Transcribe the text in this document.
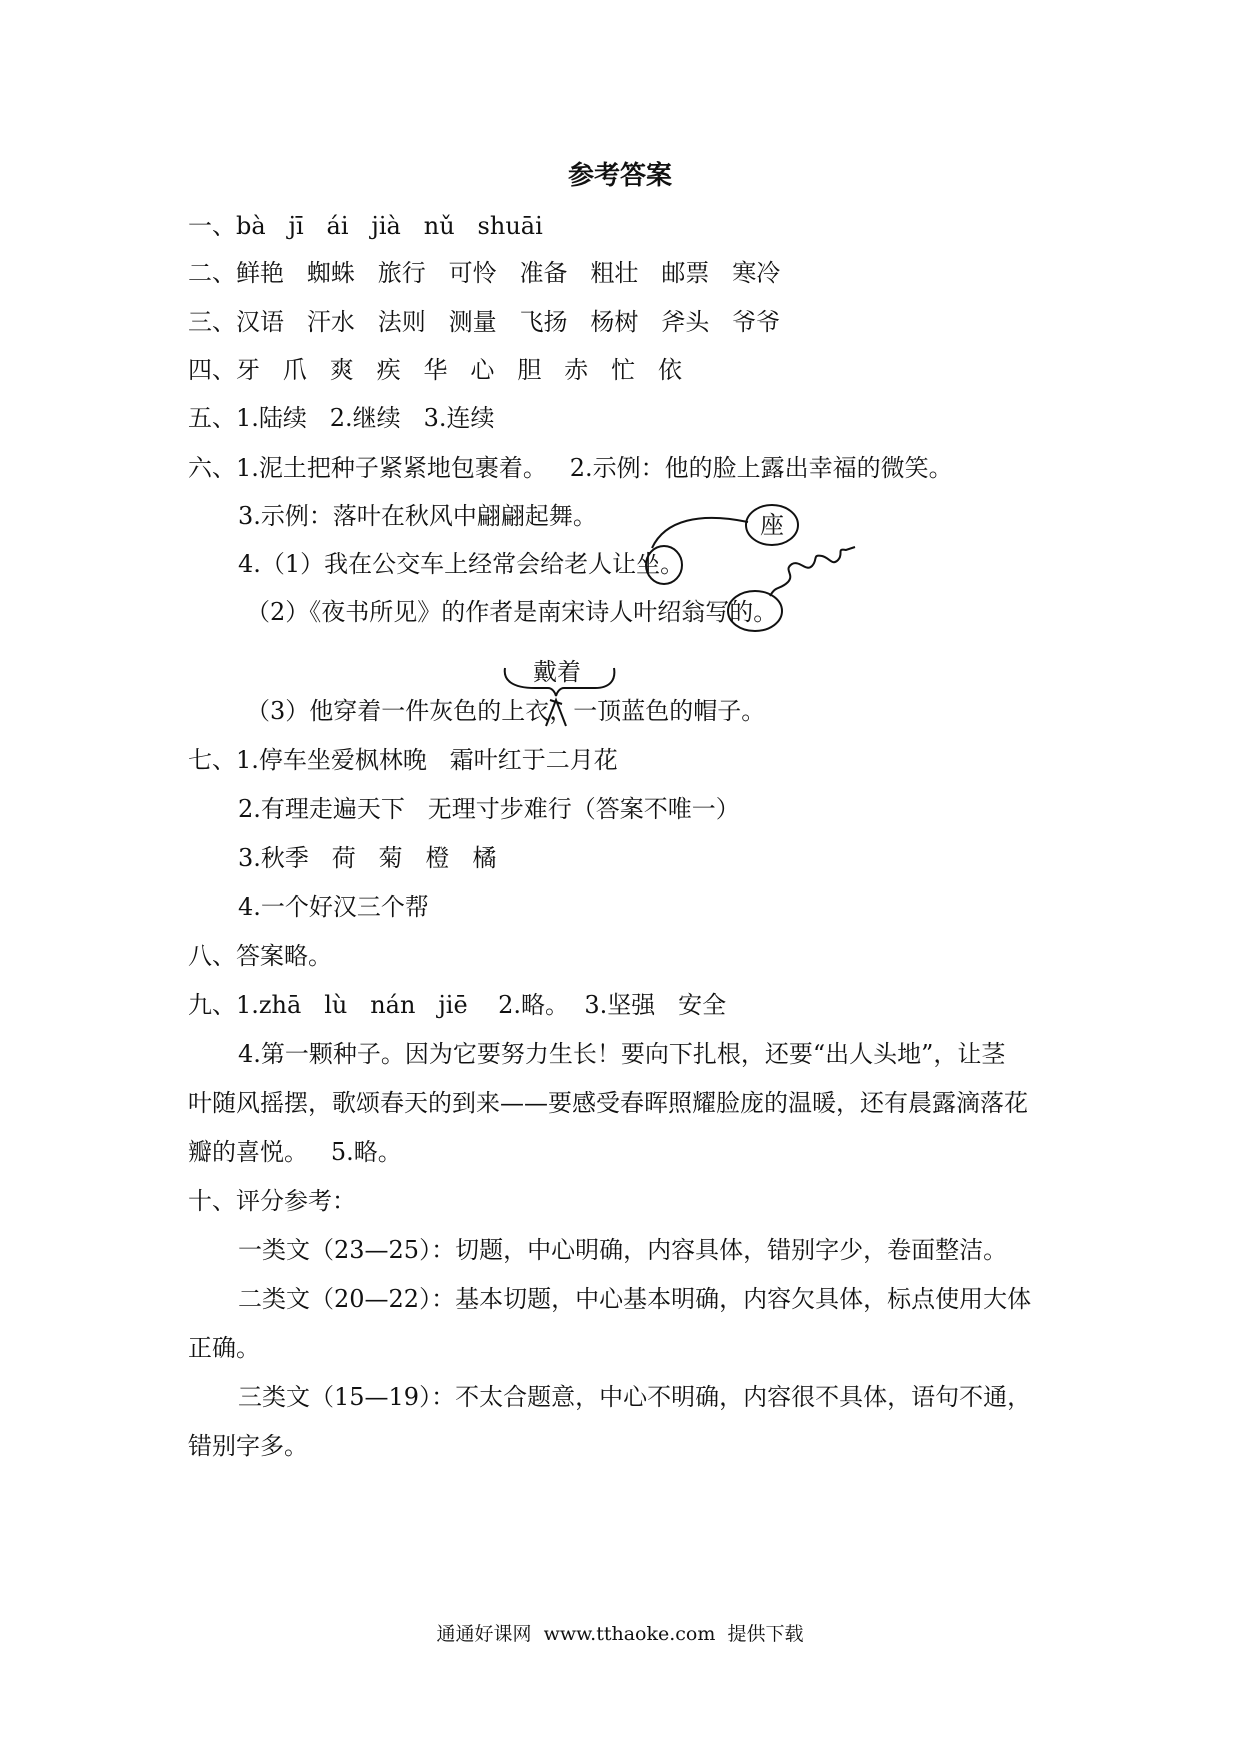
参考答案
一、bà   jī   ái   jià   nǔ   shuāi
二、鲜艳   蜘蛛   旅行   可怜   准备   粗壮   邮票   寒冷
三、汉语   汗水   法则   测量   飞扬   杨树   斧头   爷爷
四、牙   爪   爽   疾   华   心   胆   赤   忙   依
五、1.陆续   2.继续   3.连续
六、1.泥土把种子紧紧地包裹着。   2.示例：他的脸上露出幸福的微笑。
3.示例：落叶在秋风中翩翩起舞。
4.（1）我在公交车上经常会给老人让坐。
（2）《夜书所见》的作者是南宋诗人叶绍翁写的。
（3）他穿着一件灰色的上衣，一顶蓝色的帽子。
七、1.停车坐爱枫林晚   霜叶红于二月花
2.有理走遍天下   无理寸步难行（答案不唯一）
3.秋季   荷   菊   橙   橘
4.一个好汉三个帮
八、答案略。
九、1.zhā   lù   nán   jiē    2.略。  3.坚强   安全
4.第一颗种子。因为它要努力生长！要向下扎根，还要“出人头地”，让茎
叶随风摇摆，歌颂春天的到来——要感受春晖照耀脸庞的温暖，还有晨露滴落花
瓣的喜悦。   5.略。
十、评分参考：
一类文（23—25）：切题，中心明确，内容具体，错别字少，卷面整洁。
二类文（20—22）：基本切题，中心基本明确，内容欠具体，标点使用大体
正确。
三类文（15—19）：不太合题意，中心不明确，内容很不具体，语句不通，
错别字多。
座
戴着
通通好课网  www.tthaoke.com  提供下载
